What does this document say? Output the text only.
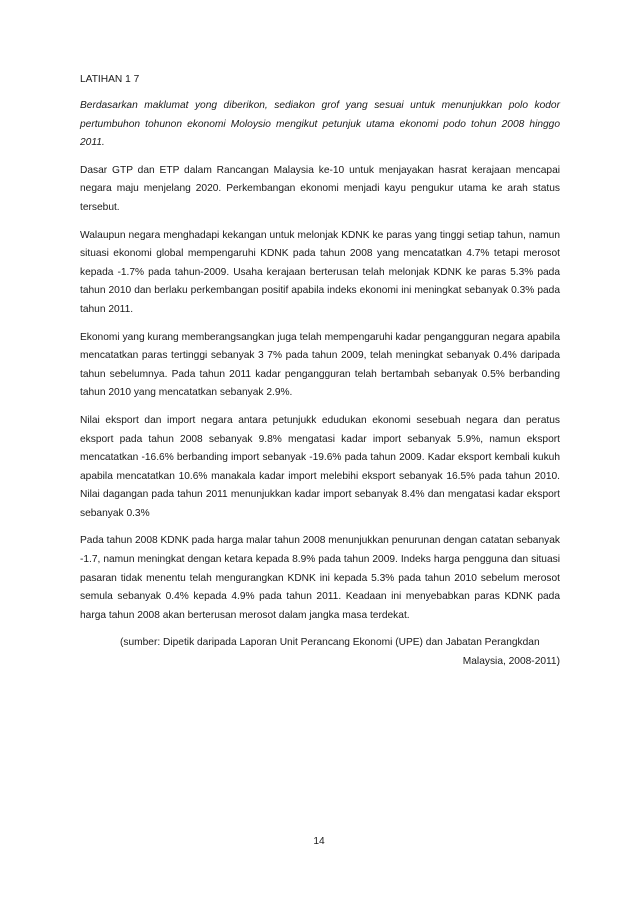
LATIHAN 1 7

Berdasarkan maklumat yong diberikon, sediakon grof yang sesuai untuk menunjukkan polo kodor pertumbuhon tohunon ekonomi Moloysio mengikut petunjuk utama ekonomi podo tohun 2008 hinggo 2011.

Dasar GTP dan ETP dalam Rancangan Malaysia ke-10 untuk menjayakan hasrat kerajaan mencapai negara maju menjelang 2020. Perkembangan ekonomi menjadi kayu pengukur utama ke arah status tersebut.

Walaupun negara menghadapi kekangan untuk melonjak KDNK ke paras yang tinggi setiap tahun, namun situasi ekonomi global mempengaruhi KDNK pada tahun 2008 yang mencatatkan 4.7% tetapi merosot kepada -1.7% pada tahun-2009. Usaha kerajaan berterusan telah melonjak KDNK ke paras 5.3% pada tahun 2010 dan berlaku perkembangan positif apabila indeks ekonomi ini meningkat sebanyak 0.3% pada tahun 2011.

Ekonomi yang kurang memberangsangkan juga telah mempengaruhi kadar pengangguran negara apabila mencatatkan paras tertinggi sebanyak 3 7% pada tahun 2009, telah meningkat sebanyak 0.4% daripada tahun sebelumnya. Pada tahun 2011 kadar pengangguran telah bertambah sebanyak 0.5% berbanding tahun 2010 yang mencatatkan sebanyak 2.9%.

Nilai eksport dan import negara antara petunjukk edudukan ekonomi sesebuah negara dan peratus eksport pada tahun 2008 sebanyak 9.8% mengatasi kadar import sebanyak 5.9%, namun eksport mencatatkan -16.6% berbanding import sebanyak -19.6% pada tahun 2009. Kadar eksport kembali kukuh apabila mencatatkan 10.6% manakala kadar import melebihi eksport sebanyak 16.5% pada tahun 2010. Nilai dagangan pada tahun 2011 menunjukkan kadar import sebanyak 8.4% dan mengatasi kadar eksport sebanyak 0.3%

Pada tahun 2008 KDNK pada harga malar tahun 2008 menunjukkan penurunan dengan catatan sebanyak -1.7, namun meningkat dengan ketara kepada 8.9% pada tahun 2009. Indeks harga pengguna dan situasi pasaran tidak menentu telah mengurangkan KDNK ini kepada 5.3% pada tahun 2010 sebelum merosot semula sebanyak 0.4% kepada 4.9% pada tahun 2011. Keadaan ini menyebabkan paras KDNK pada harga tahun 2008 akan berterusan merosot dalam jangka masa terdekat.

(sumber: Dipetik daripada Laporan Unit Perancang Ekonomi (UPE) dan Jabatan Perangkdan
Malaysia, 2008-2011)
14
